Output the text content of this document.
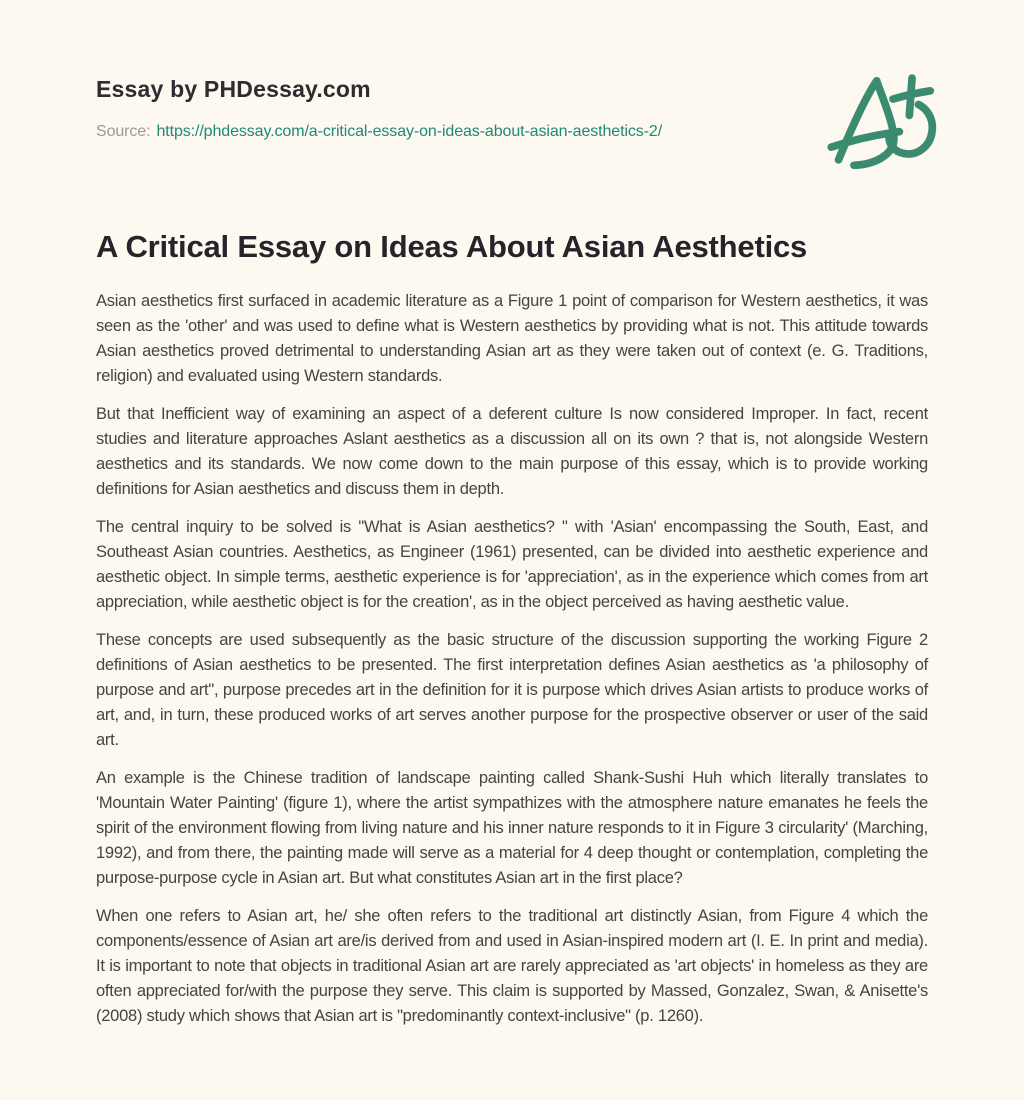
Essay by PHDessay.com
Source: https://phdessay.com/a-critical-essay-on-ideas-about-asian-aesthetics-2/
A Critical Essay on Ideas About Asian Aesthetics

Asian aesthetics first surfaced in academic literature as a Figure 1 point of comparison for Western aesthetics, it was seen as the 'other' and was used to define what is Western aesthetics by providing what is not. This attitude towards Asian aesthetics proved detrimental to understanding Asian art as they were taken out of context (e. G. Traditions, religion) and evaluated using Western standards.

But that Inefficient way of examining an aspect of a deferent culture Is now considered Improper. In fact, recent studies and literature approaches Aslant aesthetics as a discussion all on its own ? that is, not alongside Western aesthetics and its standards. We now come down to the main purpose of this essay, which is to provide working definitions for Asian aesthetics and discuss them in depth.

The central inquiry to be solved is "What is Asian aesthetics? " with 'Asian' encompassing the South, East, and Southeast Asian countries. Aesthetics, as Engineer (1961) presented, can be divided into aesthetic experience and aesthetic object. In simple terms, aesthetic experience is for 'appreciation', as in the experience which comes from art appreciation, while aesthetic object is for the creation', as in the object perceived as having aesthetic value.

These concepts are used subsequently as the basic structure of the discussion supporting the working Figure 2 definitions of Asian aesthetics to be presented. The first interpretation defines Asian aesthetics as 'a philosophy of purpose and art", purpose precedes art in the definition for it is purpose which drives Asian artists to produce works of art, and, in turn, these produced works of art serves another purpose for the prospective observer or user of the said art.

An example is the Chinese tradition of landscape painting called Shank-Sushi Huh which literally translates to 'Mountain Water Painting' (figure 1), where the artist sympathizes with the atmosphere nature emanates he feels the spirit of the environment flowing from living nature and his inner nature responds to it in Figure 3 circularity' (Marching, 1992), and from there, the painting made will serve as a material for 4 deep thought or contemplation, completing the purpose-purpose cycle in Asian art. But what constitutes Asian art in the first place?

When one refers to Asian art, he/ she often refers to the traditional art distinctly Asian, from Figure 4 which the components/essence of Asian art are/is derived from and used in Asian-inspired modern art (I. E. In print and media). It is important to note that objects in traditional Asian art are rarely appreciated as 'art objects' in homeless as they are often appreciated for/with the purpose they serve. This claim is supported by Massed, Gonzalez, Swan, & Anisette's (2008) study which shows that Asian art is "predominantly context-inclusive" (p. 1260).
